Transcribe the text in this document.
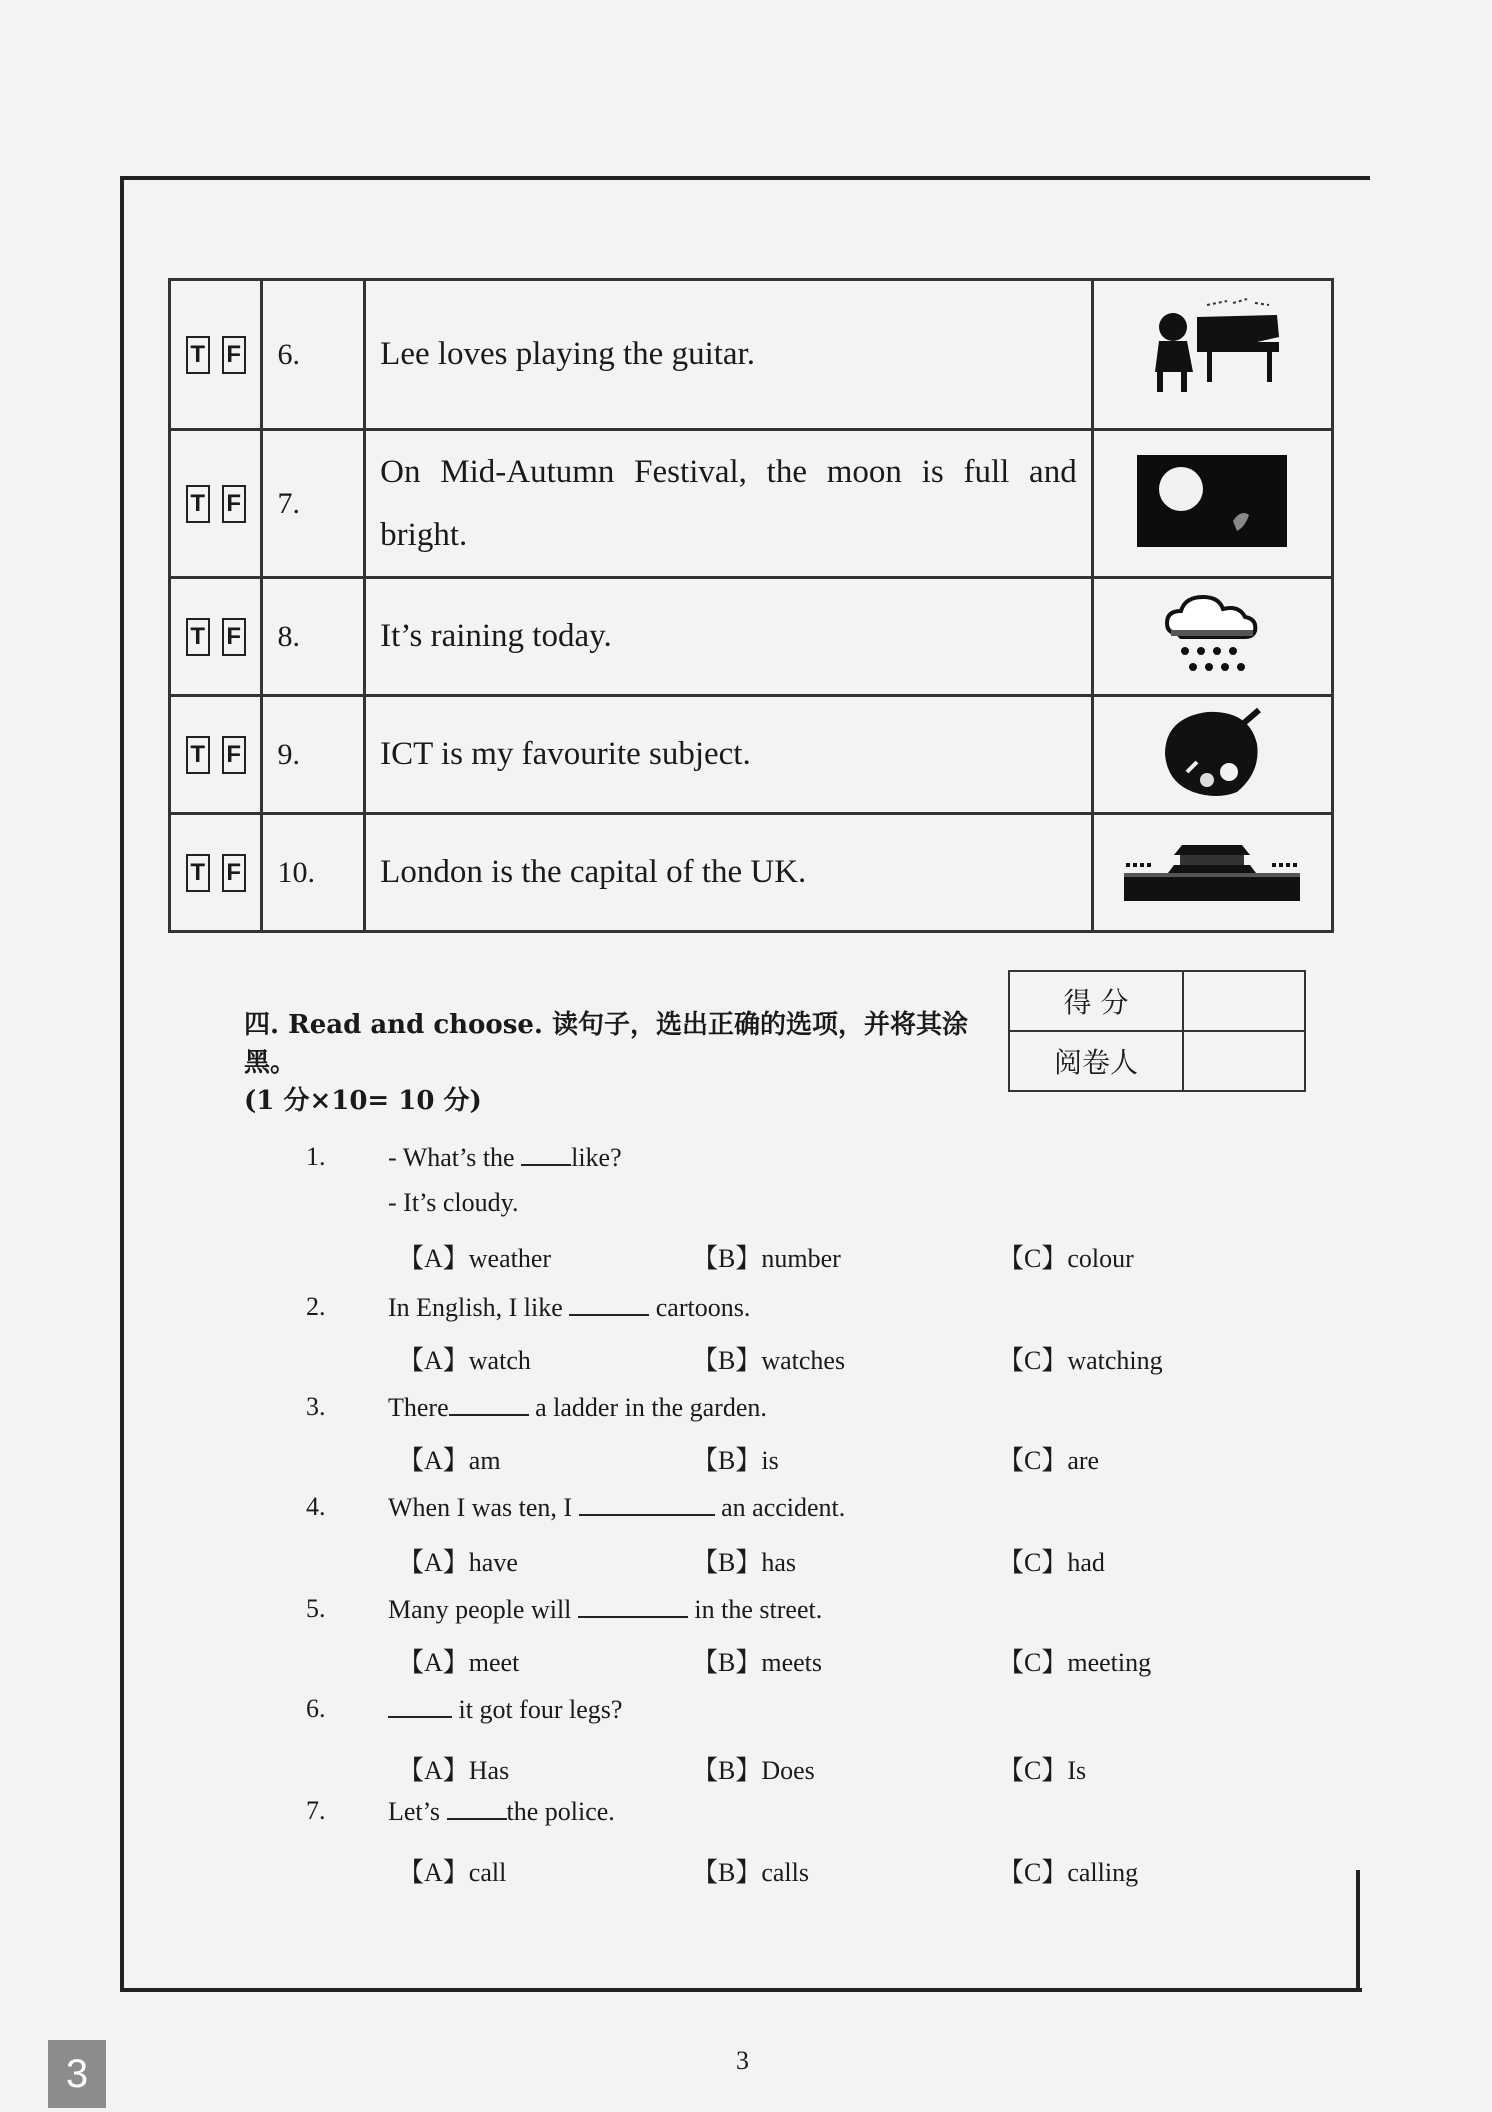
T F	6.	Lee loves playing the guitar.	
T F	7.	On Mid-Autumn Festival, the moon is full and bright.	
T F	8.	It’s raining today.	
T F	9.	ICT is my favourite subject.	
T F	10.	London is the capital of the UK.	
四. Read and choose. 读句子，选出正确的选项，并将其涂黑。
(1 分×10= 10 分)
得 分	
阅卷人	
1.	- What’s the like?
- It’s cloudy.
【A】weather	【B】number	【C】colour
2.	In English, I like	cartoons.
【A】watch	【B】watches	【C】watching
3.	There	a ladder in the garden.
【A】am	【B】is	【C】are
4.	When I was ten, I	an accident.
【A】have	【B】has	【C】had
5.	Many people will	in the street.
【A】meet	【B】meets	【C】meeting
6.	it got four legs?
【A】Has	【B】Does	【C】Is
7.	Let’s the police.
【A】call	【B】calls	【C】calling
3
3
